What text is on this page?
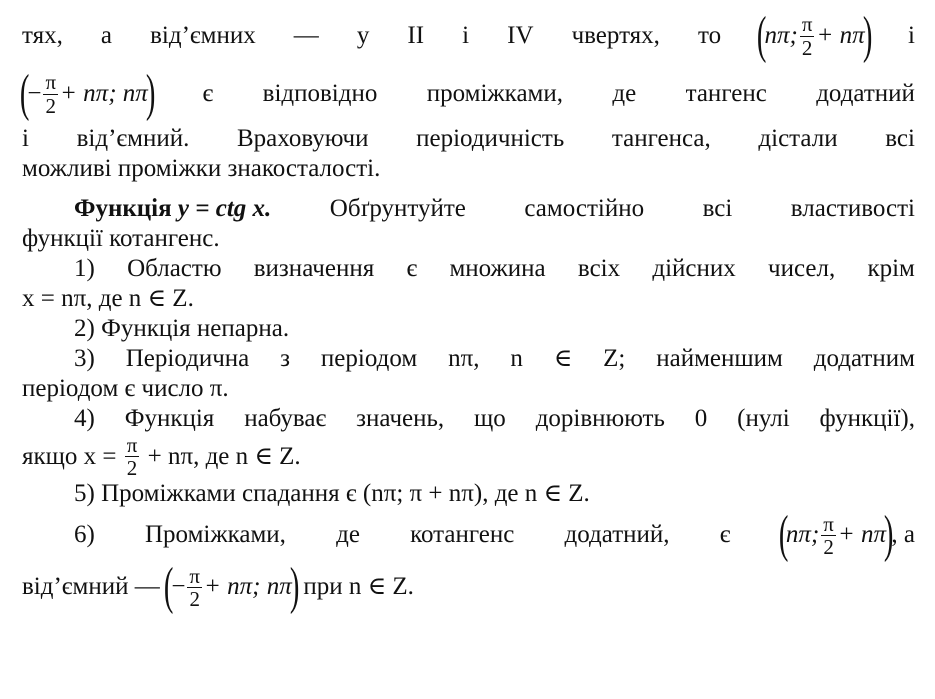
тях, а від’ємних — у II і IV чвертях, то (
nπ; $\frac{\pi}{2} + n\pi$
) і
(
− $\frac{\pi}{2} + n\pi$; nπ
) є відповідно проміжками, де тангенс додатний
і від’ємний. Враховуючи періодичність тангенса, дістали всі
можливі проміжки знакосталості.
Функція y = ctg x. Обґрунтуйте самостійно всі властивості
функції котангенс.
1) Областю визначення є множина всіх дійсних чисел, крім
x = nπ, де n ∈ Z.
2) Функція непарна.
3) Періодична з періодом nπ, n ∈ Z; найменшим додатним
періодом є число π.
4) Функція набуває значень, що дорівнюють 0 (нулі функції),
якщо x =
$\frac{\pi}{2}$
+ nπ, де n ∈ Z.
5) Проміжками спадання є (nπ; π + nπ), де n ∈ Z.
6) Проміжками, де котангенс додатний, є (
nπ; $\frac{\pi}{2} + n\pi$
)
, а
від’ємний —
(
− $\frac{\pi}{2} + n\pi$; nπ
)
при n ∈ Z.
